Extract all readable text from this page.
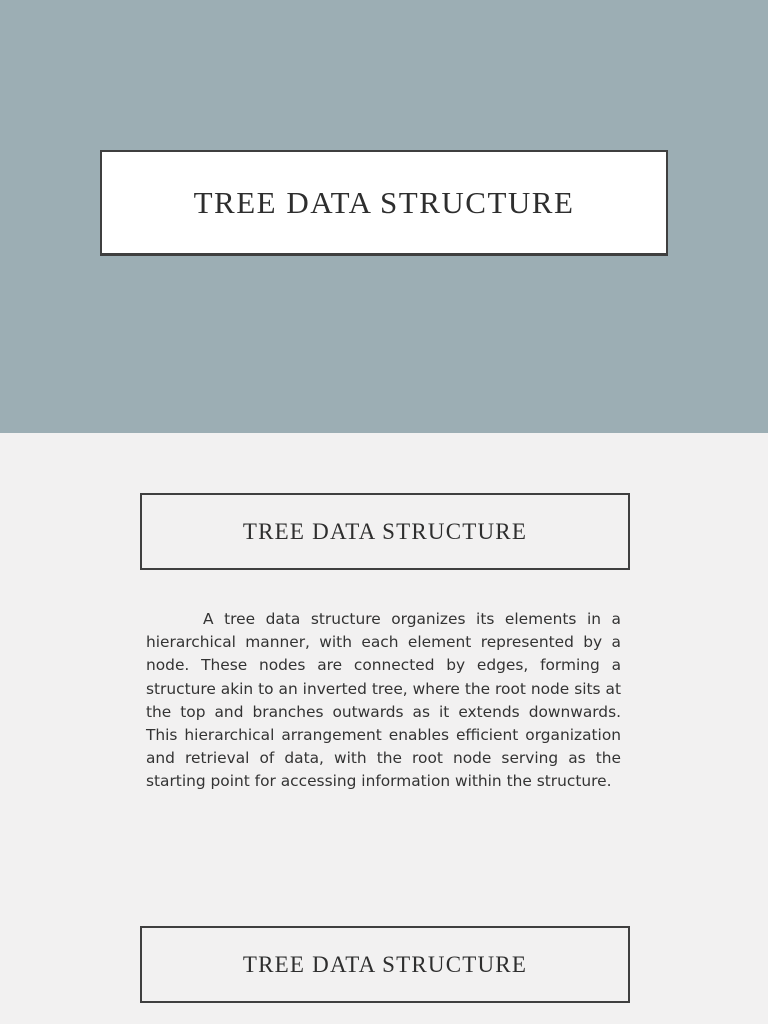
TREE DATA STRUCTURE
TREE DATA STRUCTURE

A tree data structure organizes its elements in a hierarchical manner, with each element represented by a node. These nodes are connected by edges, forming a structure akin to an inverted tree, where the root node sits at the top and branches outwards as it extends downwards. This hierarchical arrangement enables efficient organization and retrieval of data, with the root node serving as the starting point for accessing information within the structure.

TREE DATA STRUCTURE
